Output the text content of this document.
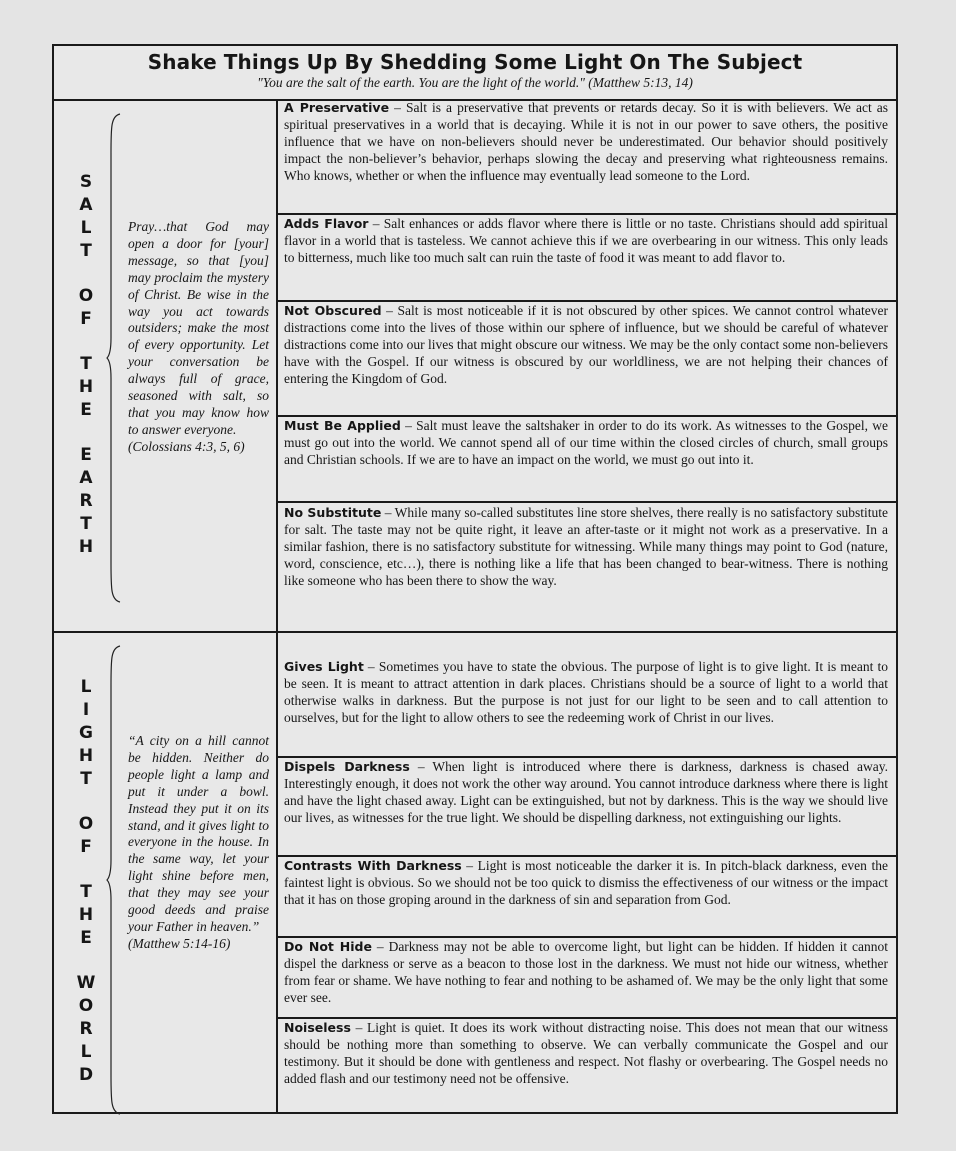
Shake Things Up By Shedding Some Light On The Subject
"You are the salt of the earth. You are the light of the world." (Matthew 5:13, 14)
S
A
L
T
O
F
T
H
E
E
A
R
T
H
Pray…that God may open a door for [your] message, so that [you] may proclaim the mystery of Christ. Be wise in the way you act towards outsiders; make the most of every opportunity. Let your conversation be always full of grace, seasoned with salt, so that you may know how to answer everyone.
(Colossians 4:3, 5, 6)
A Preservative – Salt is a preservative that prevents or retards decay. So it is with believers. We act as spiritual preservatives in a world that is decaying. While it is not in our power to save others, the positive influence that we have on non-believers should never be underestimated. Our behavior should positively impact the non-believer’s behavior, perhaps slowing the decay and preserving what righteousness remains. Who knows, whether or when the influence may eventually lead someone to the Lord.
Adds Flavor – Salt enhances or adds flavor where there is little or no taste. Christians should add spiritual flavor in a world that is tasteless. We cannot achieve this if we are overbearing in our witness. This only leads to bitterness, much like too much salt can ruin the taste of food it was meant to add flavor to.
Not Obscured – Salt is most noticeable if it is not obscured by other spices. We cannot control whatever distractions come into the lives of those within our sphere of influence, but we should be careful of whatever distractions come into our lives that might obscure our witness. We may be the only contact some non-believers have with the Gospel. If our witness is obscured by our worldliness, we are not helping their chances of entering the Kingdom of God.
Must Be Applied – Salt must leave the saltshaker in order to do its work. As witnesses to the Gospel, we must go out into the world. We cannot spend all of our time within the closed circles of church, small groups and Christian schools. If we are to have an impact on the world, we must go out into it.
No Substitute – While many so-called substitutes line store shelves, there really is no satisfactory substitute for salt. The taste may not be quite right, it leave an after-taste or it might not work as a preservative. In a similar fashion, there is no satisfactory substitute for witnessing. While many things may point to God (nature, word, conscience, etc…), there is nothing like a life that has been changed to bear-witness. There is nothing like someone who has been there to show the way.
L
I
G
H
T
O
F
T
H
E
W
O
R
L
D
“A city on a hill cannot be hidden. Neither do people light a lamp and put it under a bowl. Instead they put it on its stand, and it gives light to everyone in the house. In the same way, let your light shine before men, that they may see your good deeds and praise your Father in heaven.”
(Matthew 5:14-16)
Gives Light – Sometimes you have to state the obvious. The purpose of light is to give light. It is meant to be seen. It is meant to attract attention in dark places. Christians should be a source of light to a world that otherwise walks in darkness. But the purpose is not just for our light to be seen and to call attention to ourselves, but for the light to allow others to see the redeeming work of Christ in our lives.
Dispels Darkness – When light is introduced where there is darkness, darkness is chased away. Interestingly enough, it does not work the other way around. You cannot introduce darkness where there is light and have the light chased away. Light can be extinguished, but not by darkness. This is the way we should live our lives, as witnesses for the true light. We should be dispelling darkness, not extinguishing our lights.
Contrasts With Darkness – Light is most noticeable the darker it is. In pitch-black darkness, even the faintest light is obvious. So we should not be too quick to dismiss the effectiveness of our witness or the impact that it has on those groping around in the darkness of sin and separation from God.
Do Not Hide – Darkness may not be able to overcome light, but light can be hidden. If hidden it cannot dispel the darkness or serve as a beacon to those lost in the darkness. We must not hide our witness, whether from fear or shame. We have nothing to fear and nothing to be ashamed of. We may be the only light that some ever see.
Noiseless – Light is quiet. It does its work without distracting noise. This does not mean that our witness should be nothing more than something to observe. We can verbally communicate the Gospel and our testimony. But it should be done with gentleness and respect. Not flashy or overbearing. The Gospel needs no added flash and our testimony need not be offensive.
